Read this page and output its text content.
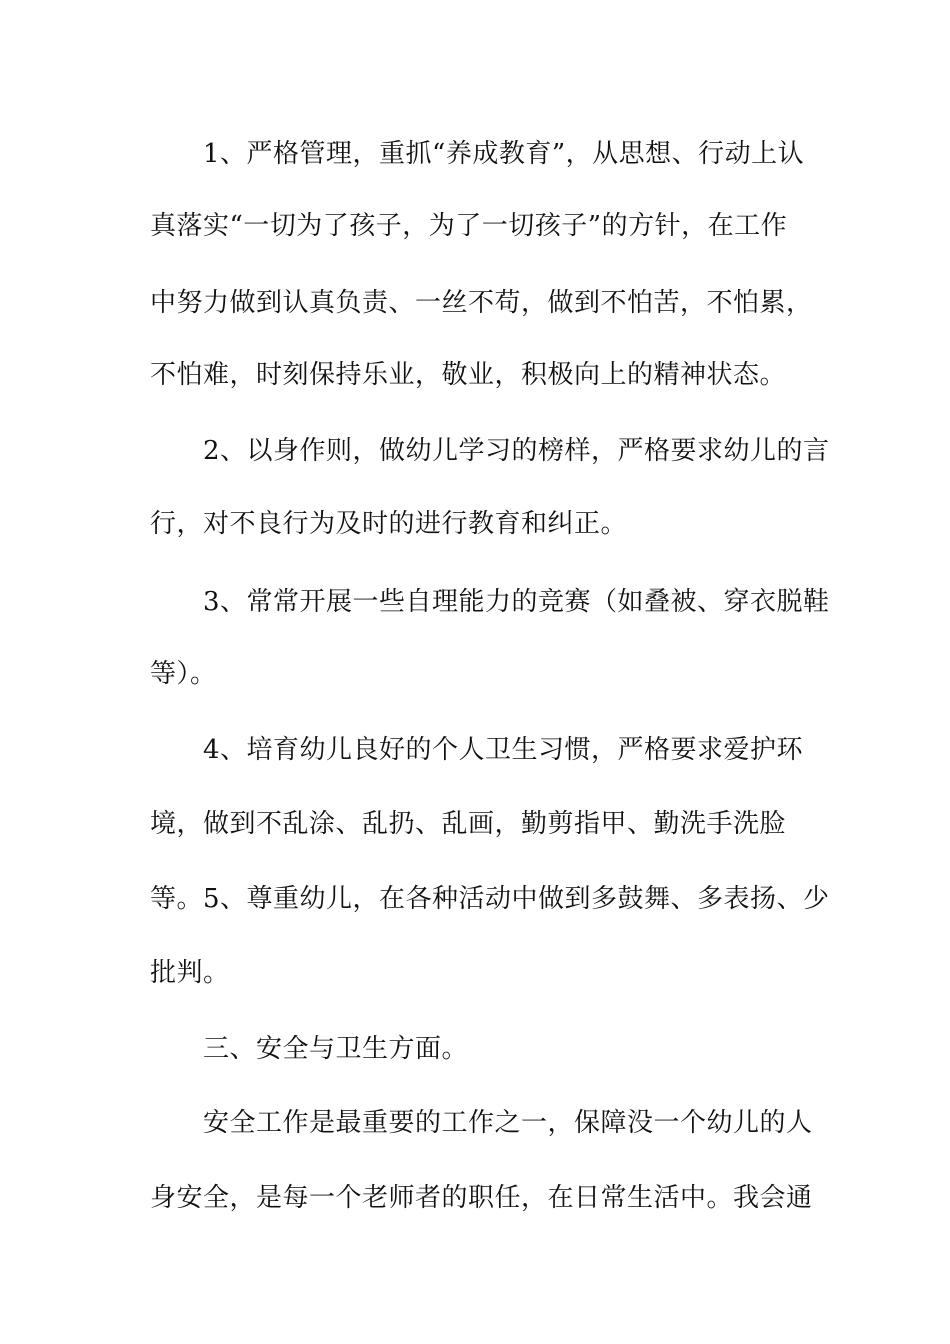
1、严格管理，重抓“养成教育”，从思想、行动上认
真落实“一切为了孩子，为了一切孩子”的方针，在工作
中努力做到认真负责、一丝不苟，做到不怕苦，不怕累，
不怕难，时刻保持乐业，敬业，积极向上的精神状态。
2、以身作则，做幼儿学习的榜样，严格要求幼儿的言
行，对不良行为及时的进行教育和纠正。
3、常常开展一些自理能力的竞赛（如叠被、穿衣脱鞋
等）。
4、培育幼儿良好的个人卫生习惯，严格要求爱护环
境，做到不乱涂、乱扔、乱画，勤剪指甲、勤洗手洗脸
等。5、尊重幼儿，在各种活动中做到多鼓舞、多表扬、少
批判。
三、安全与卫生方面。
安全工作是最重要的工作之一，保障没一个幼儿的人
身安全，是每一个老师者的职任，在日常生活中。我会通
